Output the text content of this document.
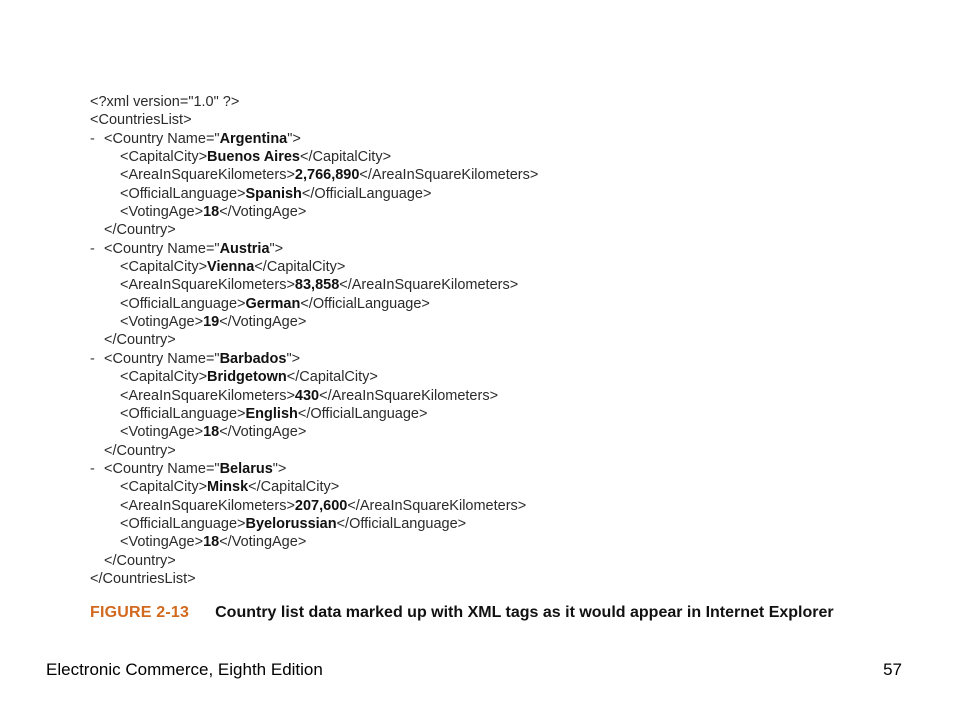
<?xml version="1.0" ?>
<CountriesList>
- <Country Name="Argentina">
<CapitalCity>Buenos Aires</CapitalCity>
<AreaInSquareKilometers>2,766,890</AreaInSquareKilometers>
<OfficialLanguage>Spanish</OfficialLanguage>
<VotingAge>18</VotingAge>
</Country>
- <Country Name="Austria">
<CapitalCity>Vienna</CapitalCity>
<AreaInSquareKilometers>83,858</AreaInSquareKilometers>
<OfficialLanguage>German</OfficialLanguage>
<VotingAge>19</VotingAge>
</Country>
- <Country Name="Barbados">
<CapitalCity>Bridgetown</CapitalCity>
<AreaInSquareKilometers>430</AreaInSquareKilometers>
<OfficialLanguage>English</OfficialLanguage>
<VotingAge>18</VotingAge>
</Country>
- <Country Name="Belarus">
<CapitalCity>Minsk</CapitalCity>
<AreaInSquareKilometers>207,600</AreaInSquareKilometers>
<OfficialLanguage>Byelorussian</OfficialLanguage>
<VotingAge>18</VotingAge>
</Country>
</CountriesList>
FIGURE 2-13 Country list data marked up with XML tags as it would appear in Internet Explorer
Electronic Commerce, Eighth Edition	57
